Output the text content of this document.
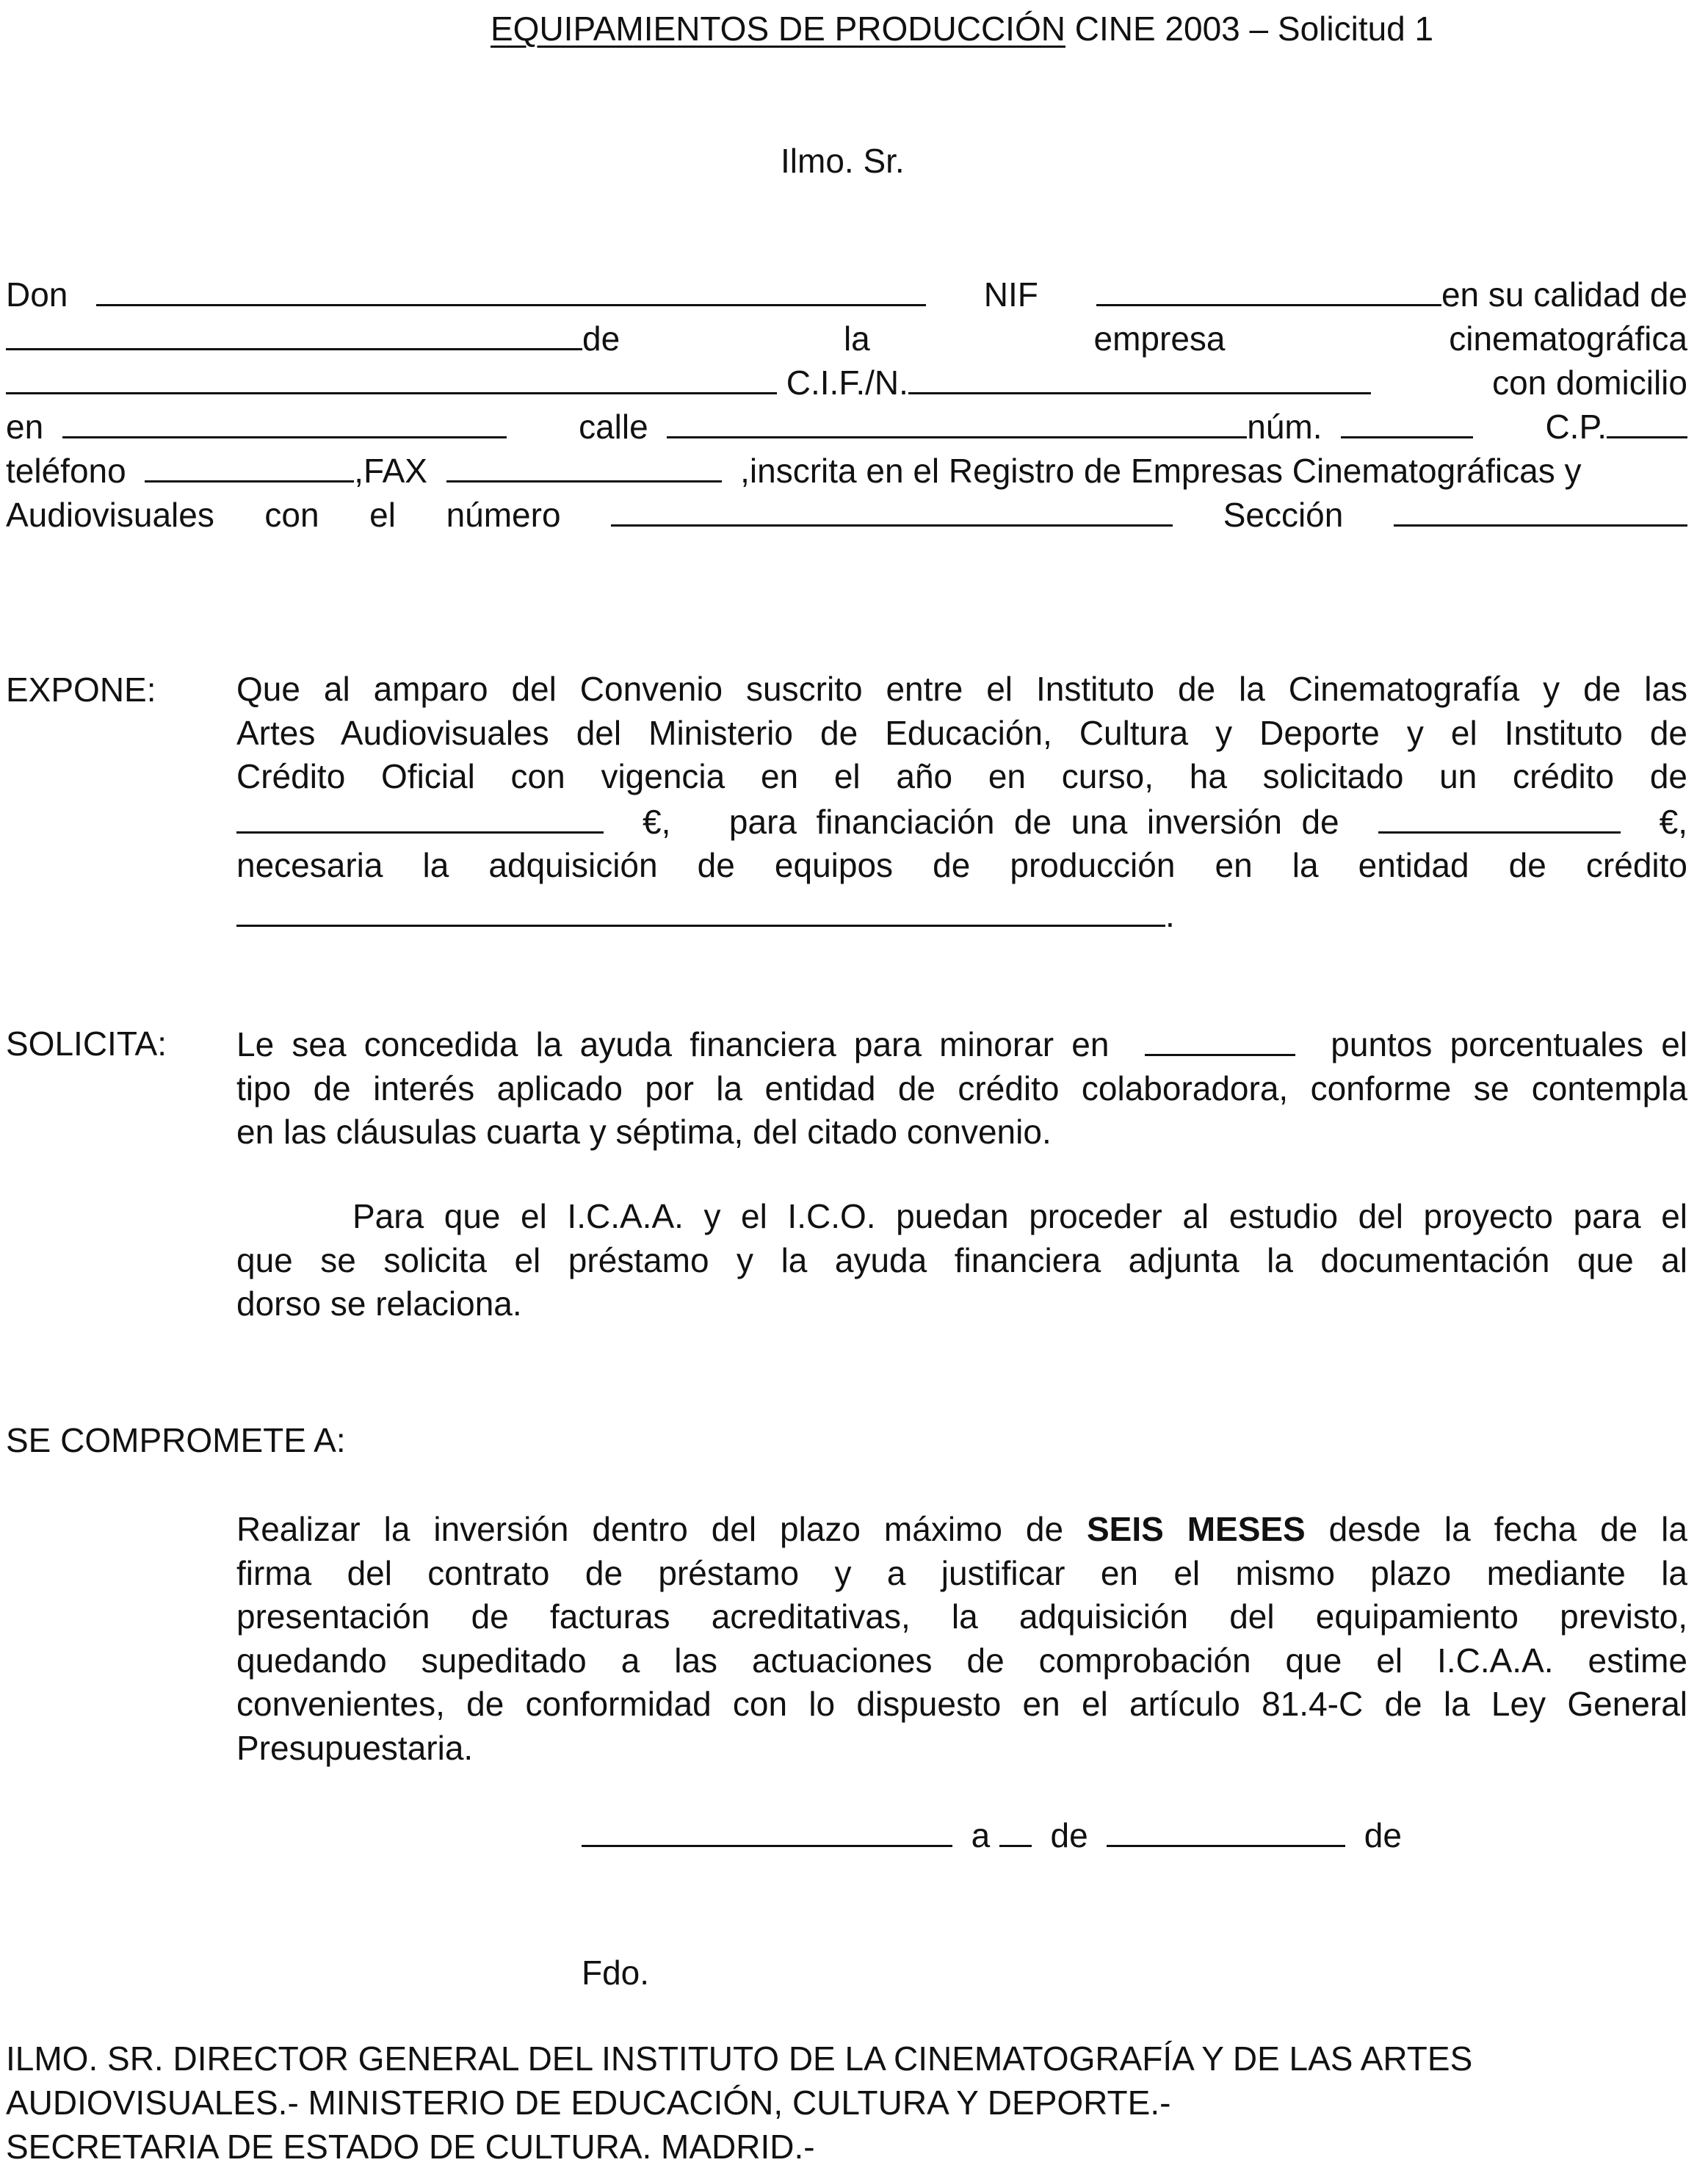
EQUIPAMIENTOS DE PRODUCCIÓN CINE 2003 – Solicitud 1
Ilmo. Sr.
Don	NIF	en su calidad de
de	la	empresa	cinematográfica
C.I.F./N.	con domicilio
en	calle	núm.	C.P.
teléfono	,FAX	,inscrita en el Registro de Empresas Cinematográficas y
Audiovisuales con el número	Sección
EXPONE: Que al amparo del Convenio suscrito entre el Instituto de la Cinematografía y de las
Artes Audiovisuales del Ministerio de Educación, Cultura y Deporte y el Instituto de
Crédito Oficial con vigencia en el año en curso, ha solicitado un crédito de
€, para financiación de una inversión de	€,
necesaria la adquisición de equipos de producción en la entidad de crédito
.
SOLICITA: Le sea concedida la ayuda financiera para minorar en	puntos porcentuales el
tipo de interés aplicado por la entidad de crédito colaboradora, conforme se contempla
en las cláusulas cuarta y séptima, del citado convenio.
Para que el I.C.A.A. y el I.C.O. puedan proceder al estudio del proyecto para el
que se solicita el préstamo y la ayuda financiera adjunta la documentación que al
dorso se relaciona.
SE COMPROMETE A:
Realizar la inversión dentro del plazo máximo de SEIS MESES desde la fecha de la
firma del contrato de préstamo y a justificar en el mismo plazo mediante la
presentación de facturas acreditativas, la adquisición del equipamiento previsto,
quedando supeditado a las actuaciones de comprobación que el I.C.A.A. estime
convenientes, de conformidad con lo dispuesto en el artículo 81.4-C de la Ley General
Presupuestaria.
a de	de
Fdo.
ILMO. SR. DIRECTOR GENERAL DEL INSTITUTO DE LA CINEMATOGRAFÍA Y DE LAS ARTES
AUDIOVISUALES.- MINISTERIO DE EDUCACIÓN, CULTURA Y DEPORTE.-
SECRETARIA DE ESTADO DE CULTURA. MADRID.-
